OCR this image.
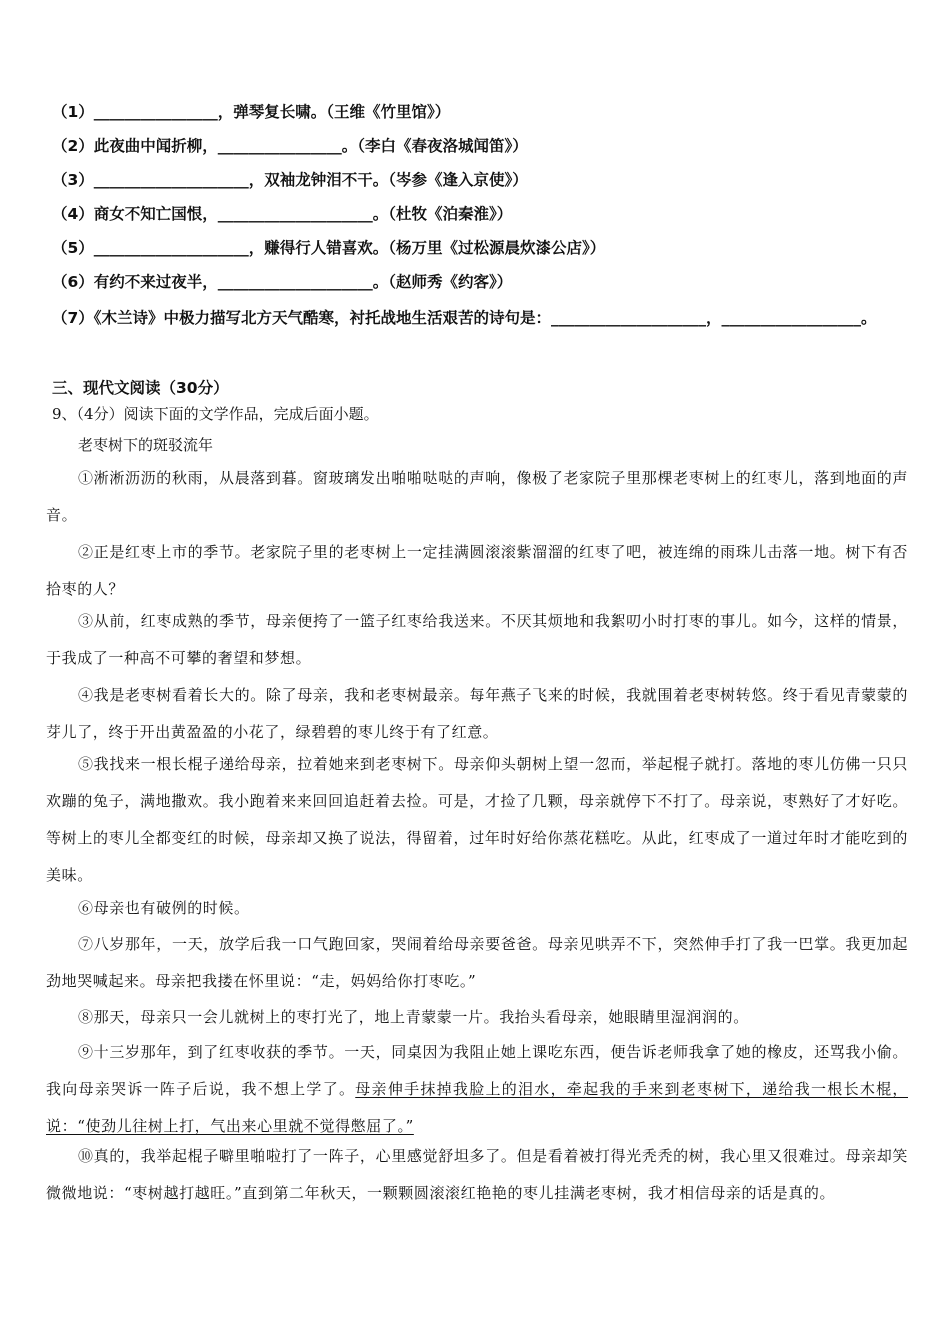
（1）________________，弹琴复长啸。（王维《竹里馆》）
（2）此夜曲中闻折柳，________________。（李白《春夜洛城闻笛》）
（3）____________________，双袖龙钟泪不干。（岑参《逢入京使》）
（4）商女不知亡国恨，____________________。（杜牧《泊秦淮》）
（5）____________________，赚得行人错喜欢。（杨万里《过松源晨炊漆公店》）
（6）有约不来过夜半，____________________。（赵师秀《约客》）
（7）《木兰诗》中极力描写北方天气酷寒，衬托战地生活艰苦的诗句是：____________________，__________________。
三、现代文阅读（30分）
9、（4分）阅读下面的文学作品，完成后面小题。
老枣树下的斑驳流年
①淅淅沥沥的秋雨，从晨落到暮。窗玻璃发出啪啪哒哒的声响，像极了老家院子里那棵老枣树上的红枣儿，落到地面的声音。
②正是红枣上市的季节。老家院子里的老枣树上一定挂满圆滚滚紫溜溜的红枣了吧，被连绵的雨珠儿击落一地。树下有否拾枣的人？
③从前，红枣成熟的季节，母亲便挎了一篮子红枣给我送来。不厌其烦地和我絮叨小时打枣的事儿。如今，这样的情景，于我成了一种高不可攀的奢望和梦想。
④我是老枣树看着长大的。除了母亲，我和老枣树最亲。每年燕子飞来的时候，我就围着老枣树转悠。终于看见青蒙蒙的芽儿了，终于开出黄盈盈的小花了，绿碧碧的枣儿终于有了红意。
⑤我找来一根长棍子递给母亲，拉着她来到老枣树下。母亲仰头朝树上望一忽而，举起棍子就打。落地的枣儿仿佛一只只欢蹦的兔子，满地撒欢。我小跑着来来回回追赶着去捡。可是，才捡了几颗，母亲就停下不打了。母亲说，枣熟好了才好吃。等树上的枣儿全都变红的时候，母亲却又换了说法，得留着，过年时好给你蒸花糕吃。从此，红枣成了一道过年时才能吃到的美味。
⑥母亲也有破例的时候。
⑦八岁那年，一天，放学后我一口气跑回家，哭闹着给母亲要爸爸。母亲见哄弄不下，突然伸手打了我一巴掌。我更加起劲地哭喊起来。母亲把我搂在怀里说：“走，妈妈给你打枣吃。”
⑧那天，母亲只一会儿就树上的枣打光了，地上青蒙蒙一片。我抬头看母亲，她眼睛里湿润润的。
⑨十三岁那年，到了红枣收获的季节。一天，同桌因为我阻止她上课吃东西，便告诉老师我拿了她的橡皮，还骂我小偷。我向母亲哭诉一阵子后说，我不想上学了。母亲伸手抹掉我脸上的泪水，牵起我的手来到老枣树下，递给我一根长木棍，说：“使劲儿往树上打，气出来心里就不觉得憋屈了。”
⑩真的，我举起棍子噼里啪啦打了一阵子，心里感觉舒坦多了。但是看着被打得光秃秃的树，我心里又很难过。母亲却笑微微地说：“枣树越打越旺。”直到第二年秋天，一颗颗圆滚滚红艳艳的枣儿挂满老枣树，我才相信母亲的话是真的。
